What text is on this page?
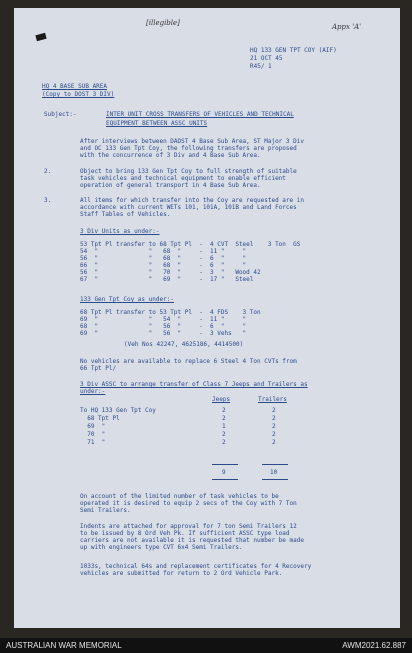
[illegible]	Appx 'A'
HQ 133 GEN TPT COY (AIF)
21 OCT 45
R45/ 1
HQ 4 BASE SUB AREA
(Copy to DOST 3 DIV)
Subject:-	INTER UNIT CROSS TRANSFERS OF VEHICLES AND TECHNICAL
EQUIPMENT BETWEEN ASSC UNITS
After interviews between DADST 4 Base Sub Area, ST Major 3 Div
and OC 133 Gen Tpt Coy, the following transfers are proposed
with the concurrence of 3 Div and 4 Base Sub Area.
2.	Object to bring 133 Gen Tpt Coy to full strength of suitable
task vehicles and technical equipment to enable efficient
operation of general transport in 4 Base Sub Area.
3.	All items for which transfer into the Coy are requested are in
accordance with current WETs 101, 101A, 101B and Land Forces
Staff Tables of Vehicles.
3 Div Units as under:-
53 Tpt Pl transfer to 68 Tpt Pl  -  4 CVT  Steel    3 Ton  GS
54  "              "   68  "     -  11 "     "
56  "              "   68  "     -  6  "     "
66  "              "   68  "     -  6  "     "
56  "              "   70  "     -  3  "   Wood 42
67  "              "   69  "     -  17 "   Steel
133 Gen Tpt Coy as under:-
68 Tpt Pl transfer to 53 Tpt Pl  -  4 FDS    3 Ton
69  "              "   54  "     -  11 "     "
68  "              "   56  "     -  6  "     "
69  "              "   56  "     -  3 Vehs   "
(Veh Nos 42247, 4625186, 4414500)
No vehicles are available to replace 6 Steel 4 Ton CVTs from
66 Tpt Pl/
3 Div ASSC to arrange transfer of Class 7 Jeeps and Trailers as
under:-
Jeeps	Trailers
To HQ 133 Gen Tpt Coy	2	2
68 Tpt Pl	2	2
69  "	1	2
70  "	2	2
71  "	2	2
9	10
On account of the limited number of task vehicles to be
operated it is desired to equip 2 secs of the Coy with 7 Ton
Semi Trailers.
Indents are attached for approval for 7 ton Semi Trailers 12
to be issued by 8 Ord Veh Pk. If sufficient ASSC type load
carriers are not available it is requested that number be made
up with engineers type CVT 6x4 Semi Trailers.
1033s, technical 64s and replacement certificates for 4 Recovery
vehicles are submitted for return to 2 Ord Vehicle Park.
AUSTRALIAN WAR MEMORIAL	AWM2021.62.887
